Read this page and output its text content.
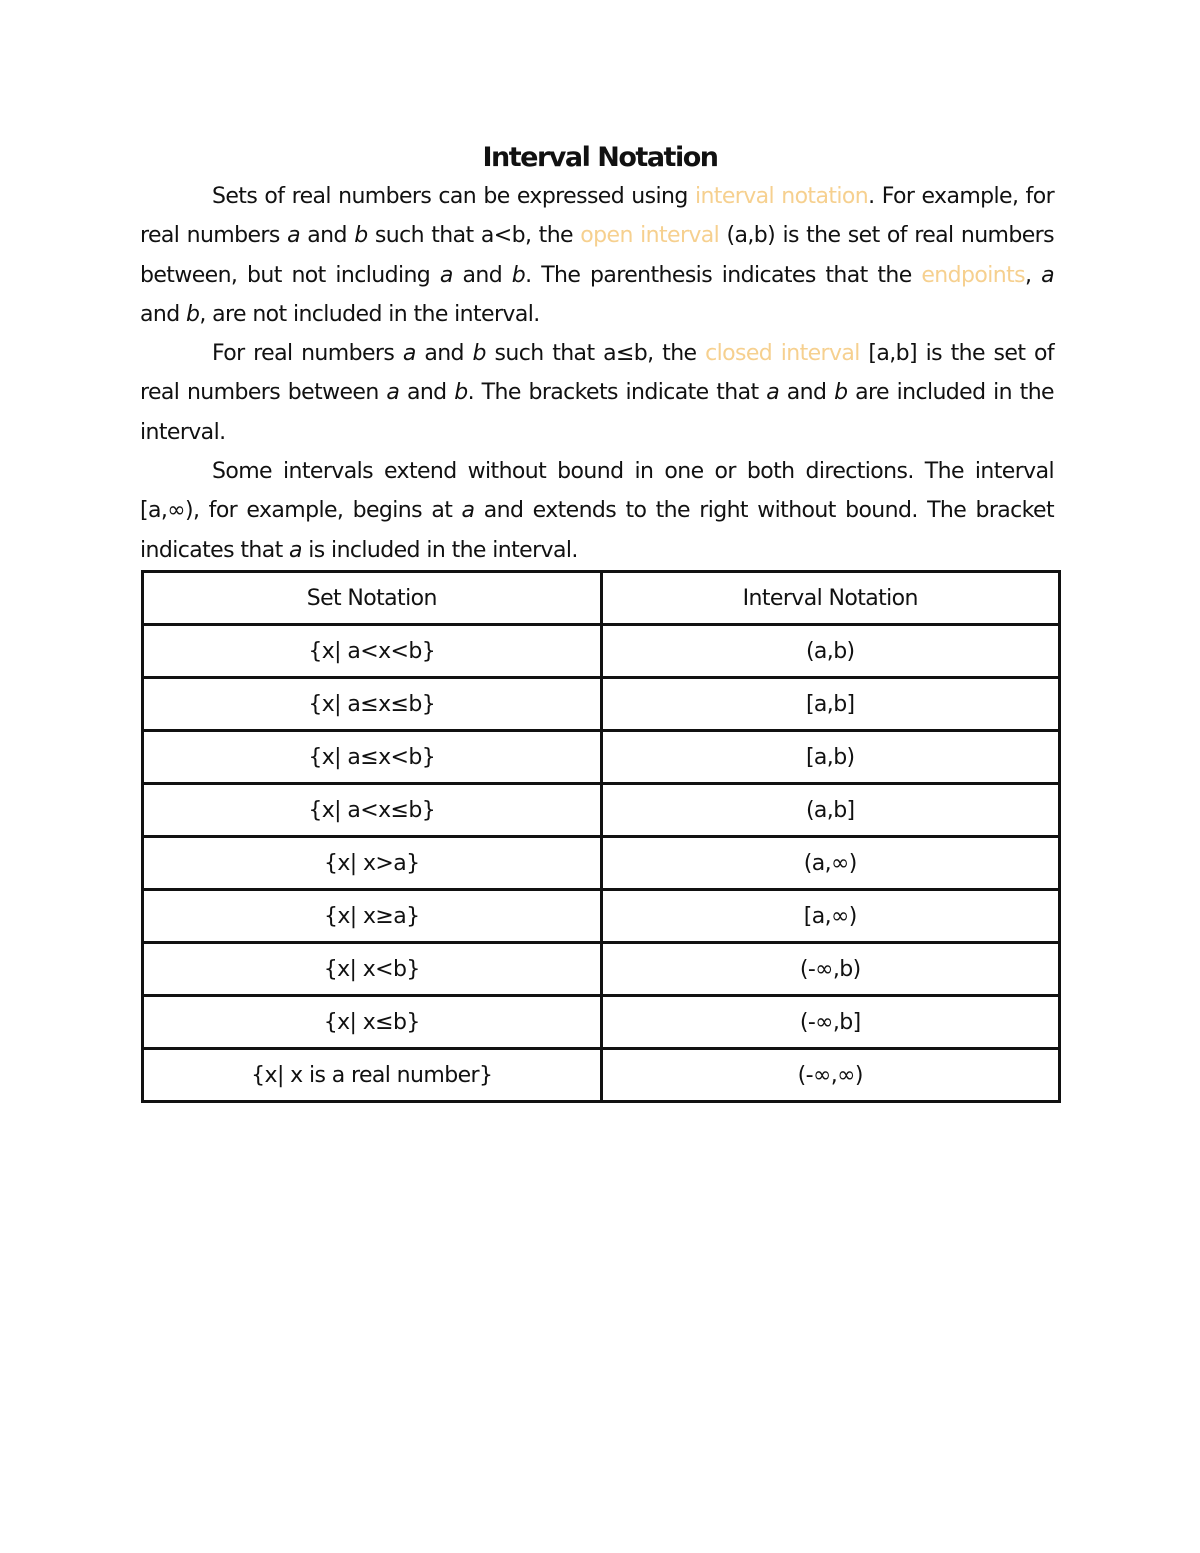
Interval Notation

Sets of real numbers can be expressed using interval notation. For example, for real numbers a and b such that a<b, the open interval (a,b) is the set of real numbers between, but not including a and b. The parenthesis indicates that the endpoints, a and b, are not included in the interval.

For real numbers a and b such that a≤b, the closed interval [a,b] is the set of real numbers between a and b. The brackets indicate that a and b are included in the interval.

Some intervals extend without bound in one or both directions. The interval [a,∞), for example, begins at a and extends to the right without bound. The bracket indicates that a is included in the interval.

Set Notation	Interval Notation
{x| a<x<b}	(a,b)
{x| a≤x≤b}	[a,b]
{x| a≤x<b}	[a,b)
{x| a<x≤b}	(a,b]
{x| x>a}	(a,∞)
{x| x≥a}	[a,∞)
{x| x<b}	(-∞,b)
{x| x≤b}	(-∞,b]
{x| x is a real number}	(-∞,∞)
